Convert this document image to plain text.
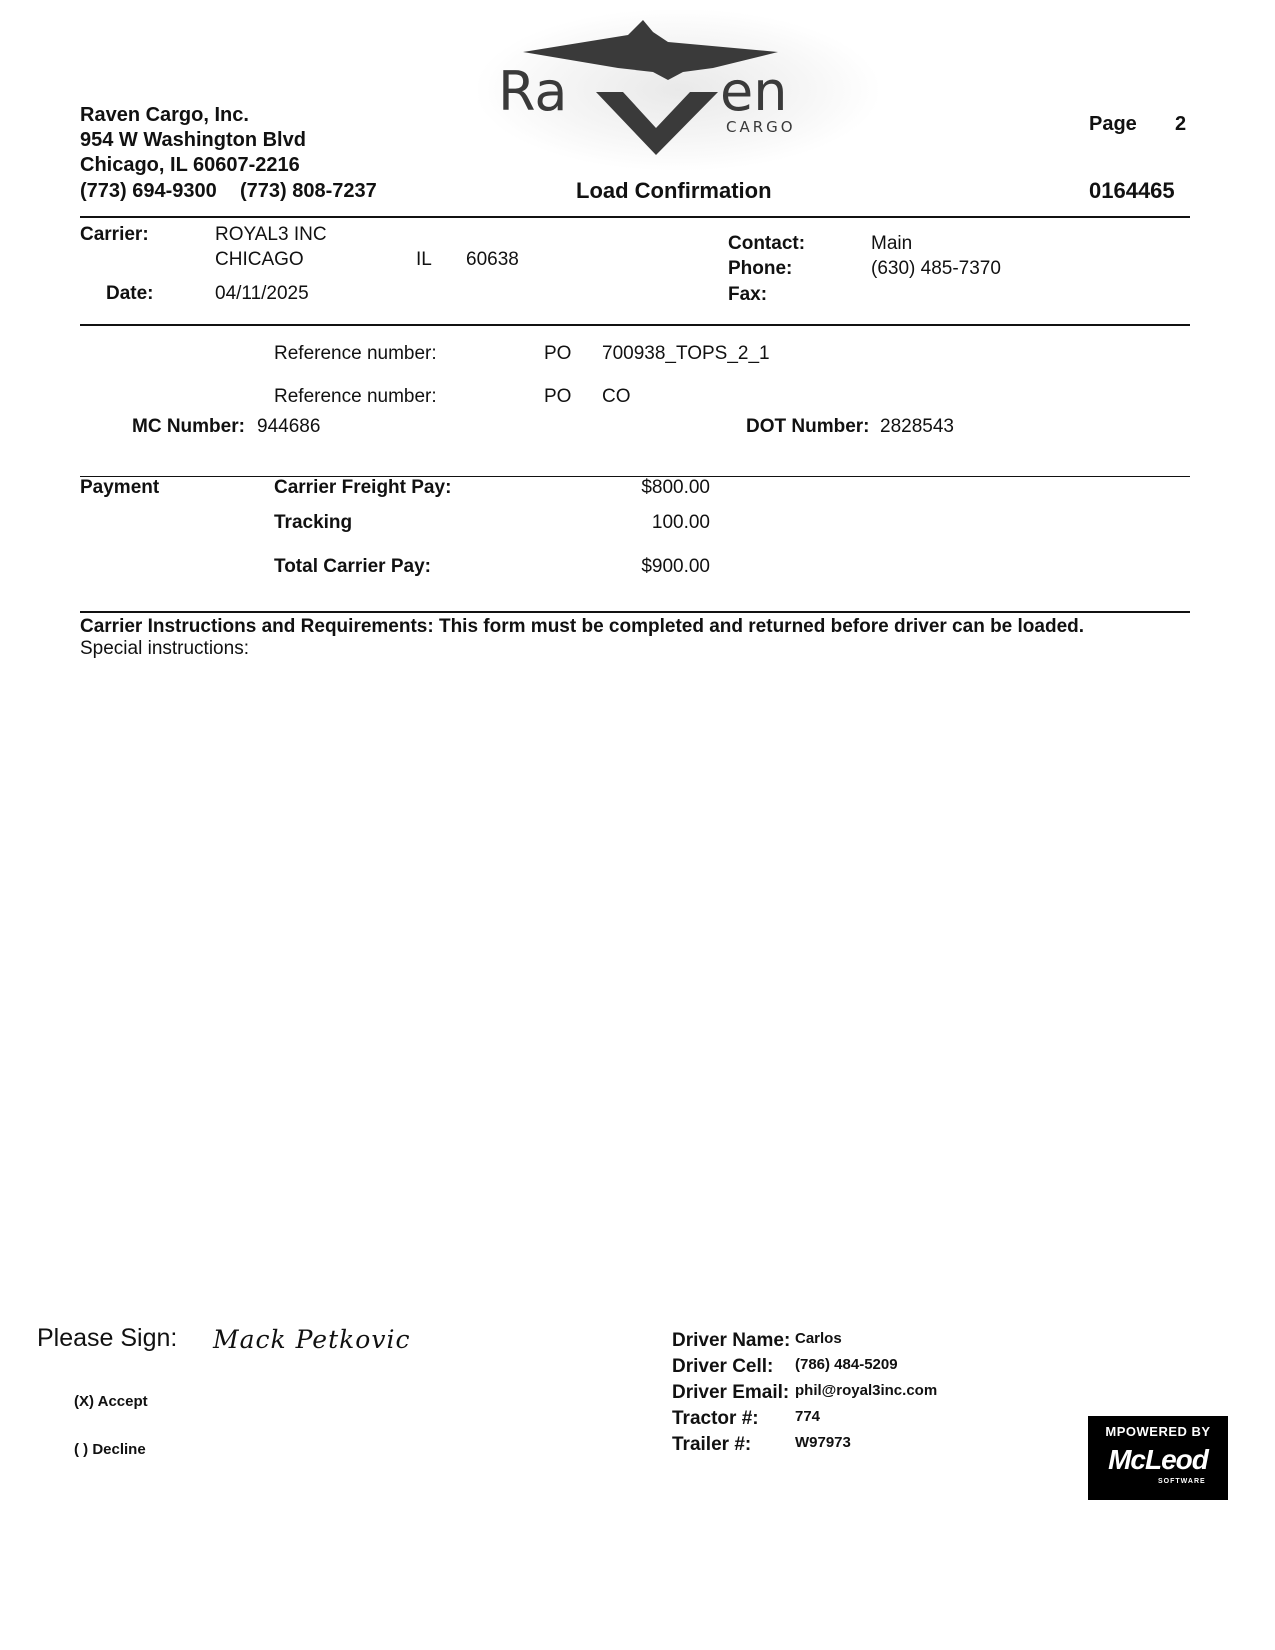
Ra	en
CARGO
Raven Cargo, Inc.
954 W Washington Blvd
Chicago, IL 60607-2216
(773) 694-9300 (773) 808-7237
Page 2
Load Confirmation	0164465
Carrier:	ROYAL3 INC
CHICAGO	IL 60638
Date:	04/11/2025
Contact:	Main
Phone:	(630) 485-7370
Fax:
Reference number:	PO 700938_TOPS_2_1
Reference number:	PO CO
MC Number: 944686	DOT Number: 2828543
Payment	Carrier Freight Pay:	$800.00
Tracking	100.00
Total Carrier Pay:	$900.00
Carrier Instructions and Requirements: This form must be completed and returned before driver can be loaded.
Special instructions:
Please Sign: Mack Petkovic
(X) Accept
( ) Decline
Driver Name: Carlos
Driver Cell: (786) 484-5209
Driver Email: phil@royal3inc.com
Tractor #: 774
Trailer #:	W97973
MPOWERED BY
McLeod
SOFTWARE
